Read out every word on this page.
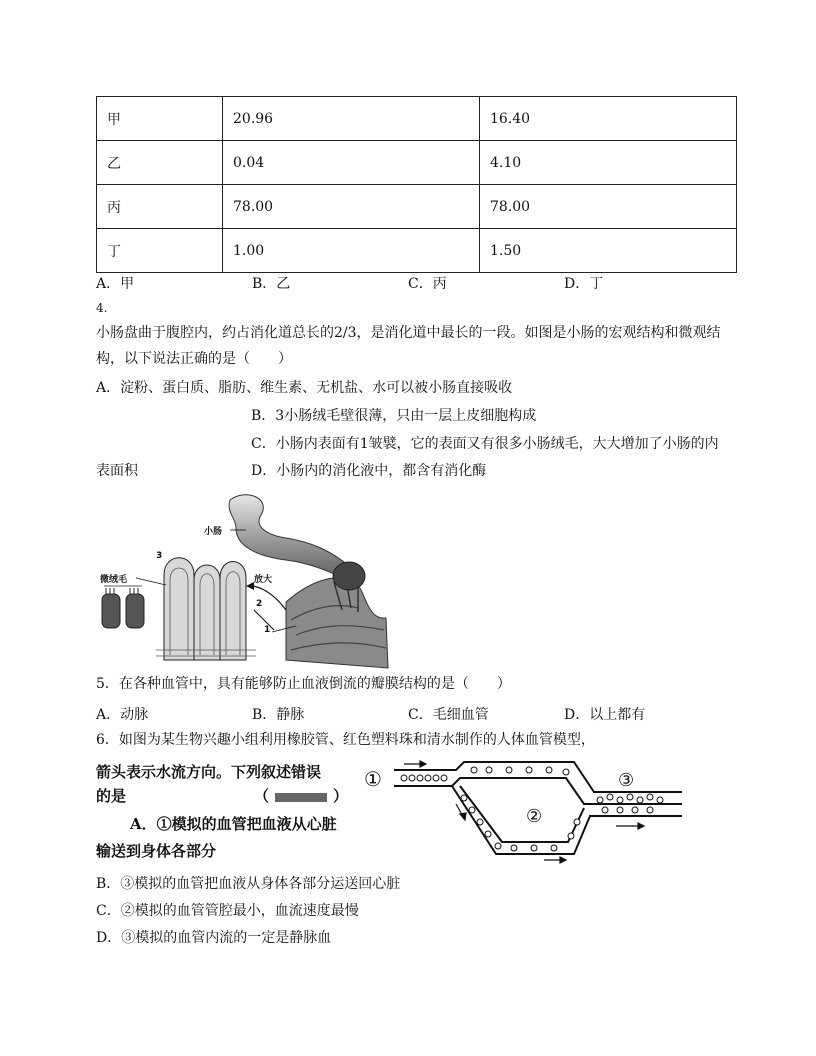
甲	20.96	16.40
乙	0.04	4.10
丙	78.00	78.00
丁	1.00	1.50
A．甲	B．乙	C．丙	D．丁
4.
小肠盘曲于腹腔内，约占消化道总长的2/3，是消化道中最长的一段。如图是小肠的宏观结构和微观结
构，以下说法正确的是（　　）
A．淀粉、蛋白质、脂肪、维生素、无机盐、水可以被小肠直接吸收
B．3小肠绒毛壁很薄，只由一层上皮细胞构成
C．小肠内表面有1皱襞，它的表面又有很多小肠绒毛，大大增加了小肠的内
表面积	D．小肠内的消化液中，都含有消化酶
小肠
微绒毛	放大
1
2
3
5．在各种血管中，具有能够防止血液倒流的瓣膜结构的是（　　）
A．动脉	B．静脉	C．毛细血管	D．以上都有
6．如图为某生物兴趣小组利用橡胶管、红色塑料珠和清水制作的人体血管模型，
箭头表示水流方向。下列叙述错误
的是	（	）
A．①模拟的血管把血液从心脏
输送到身体各部分
①
②
③
B．③模拟的血管把血液从身体各部分运送回心脏
C．②模拟的血管管腔最小，血流速度最慢
D．③模拟的血管内流的一定是静脉血
